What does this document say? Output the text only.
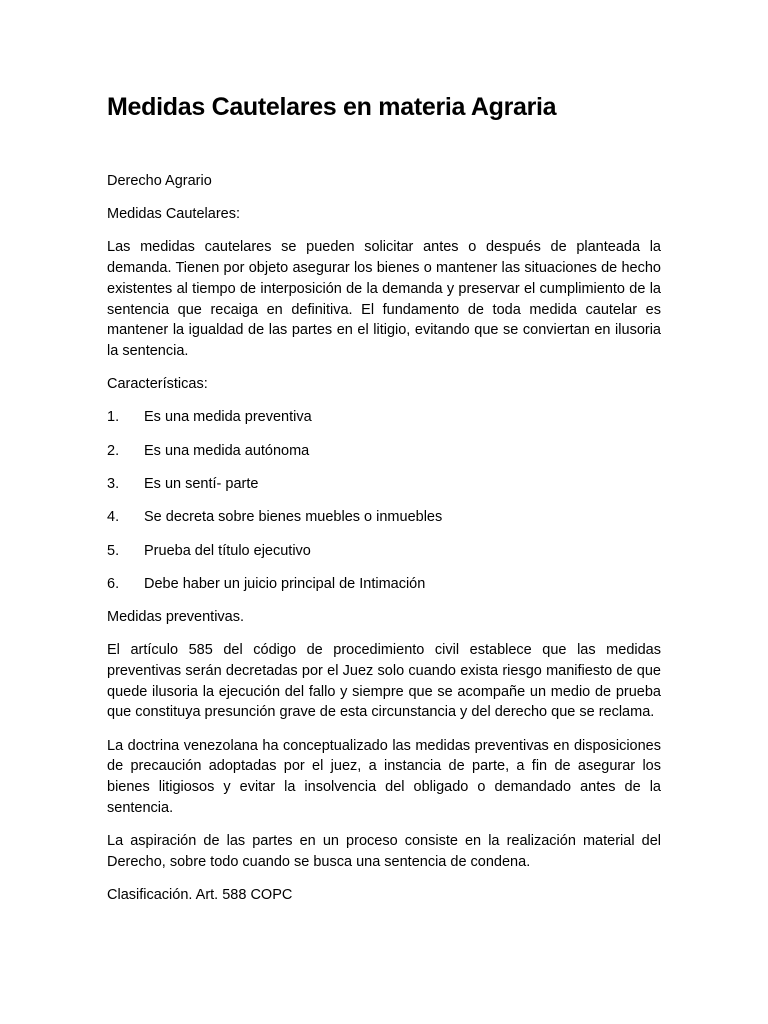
Medidas Cautelares en materia Agraria

Derecho Agrario

Medidas Cautelares:

Las medidas cautelares se pueden solicitar antes o después de planteada la demanda. Tienen por objeto asegurar los bienes o mantener las situaciones de hecho existentes al tiempo de interposición de la demanda y preservar el cumplimiento de la sentencia que recaiga en definitiva. El fundamento de toda medida cautelar es mantener la igualdad de las partes en el litigio, evitando que se conviertan en ilusoria la sentencia.

Características:

1.	Es una medida preventiva
2.	Es una medida autónoma
3.	Es un sentí- parte
4.	Se decreta sobre bienes muebles o inmuebles
5.	Prueba del título ejecutivo
6.	Debe haber un juicio principal de Intimación

Medidas preventivas.

El artículo 585 del código de procedimiento civil establece que las medidas preventivas serán decretadas por el Juez solo cuando exista riesgo manifiesto de que quede ilusoria la ejecución del fallo y siempre que se acompañe un medio de prueba que constituya presunción grave de esta circunstancia y del derecho que se reclama.

La doctrina venezolana ha conceptualizado las medidas preventivas en disposiciones de precaución adoptadas por el juez, a instancia de parte, a fin de asegurar los bienes litigiosos y evitar la insolvencia del obligado o demandado antes de la sentencia.

La aspiración de las partes en un proceso consiste en la realización material del Derecho, sobre todo cuando se busca una sentencia de condena.

Clasificación. Art. 588 COPC
